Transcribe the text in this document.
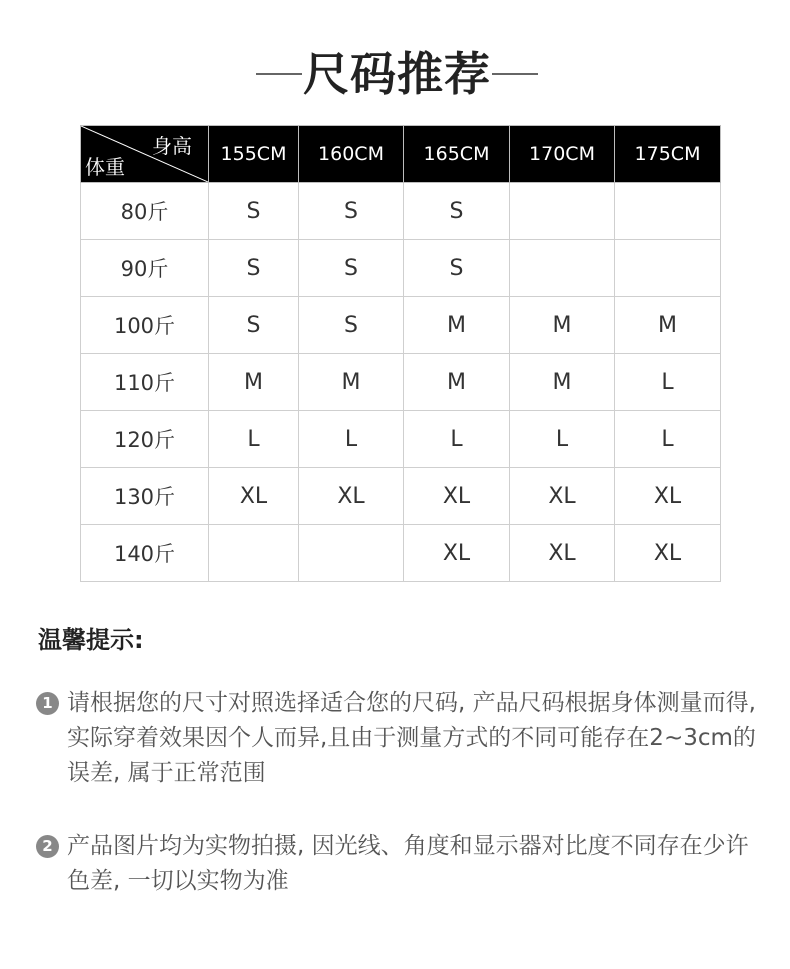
尺码推荐
身高
体重	155CM	160CM	165CM	170CM	175CM
80斤	S	S	S		
90斤	S	S	S		
100斤	S	S	M	M	M
110斤	M	M	M	M	L
120斤	L	L	L	L	L
130斤	XL	XL	XL	XL	XL
140斤			XL	XL	XL
温馨提示:
1 请根据您的尺寸对照选择适合您的尺码, 产品尺码根据身体测量而得, 实际穿着效果因个人而异,且由于测量方式的不同可能存在2~3cm的误差, 属于正常范围
2 产品图片均为实物拍摄, 因光线、角度和显示器对比度不同存在少许色差, 一切以实物为准
